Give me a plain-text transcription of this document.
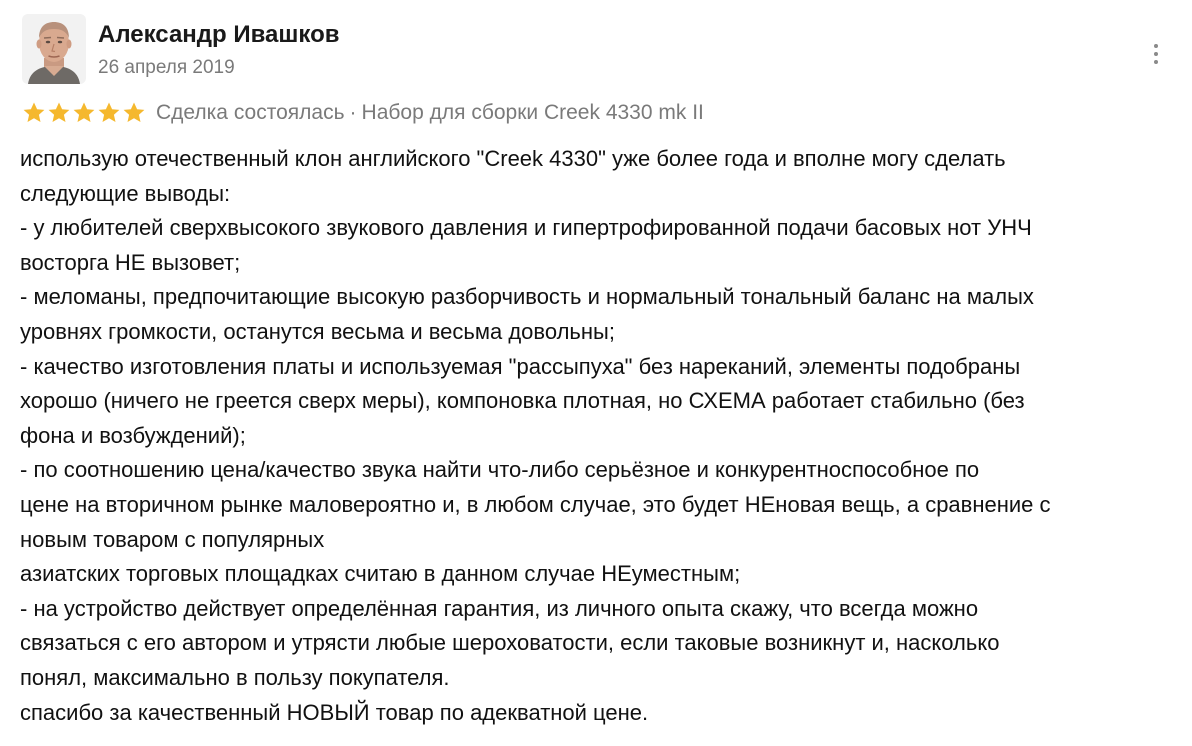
Александр Ивашков
26 апреля 2019
Сделка состоялась · Набор для сборки Creek 4330 mk II
использую отечественный клон английского "Creek 4330" уже более года и вполне могу сделать
следующие выводы:
- у любителей сверхвысокого звукового давления и гипертрофированной подачи басовых нот УНЧ
восторга НЕ вызовет;
- меломаны, предпочитающие высокую разборчивость и нормальный тональный баланс на малых
уровнях громкости, останутся весьма и весьма довольны;
- качество изготовления платы и используемая "рассыпуха" без нареканий, элементы подобраны
хорошо (ничего не греется сверх меры), компоновка плотная, но СХЕМА работает стабильно (без
фона и возбуждений);
- по соотношению цена/качество звука найти что-либо серьёзное и конкурентноспособное по
цене на вторичном рынке маловероятно и, в любом случае, это будет НЕновая вещь, а сравнение с
новым товаром с популярных
азиатских торговых площадках считаю в данном случае НЕуместным;
- на устройство действует определённая гарантия, из личного опыта скажу, что всегда можно
связаться с его автором и утрясти любые шероховатости, если таковые возникнут и, насколько
понял, максимально в пользу покупателя.
спасибо за качественный НОВЫЙ товар по адекватной цене.
